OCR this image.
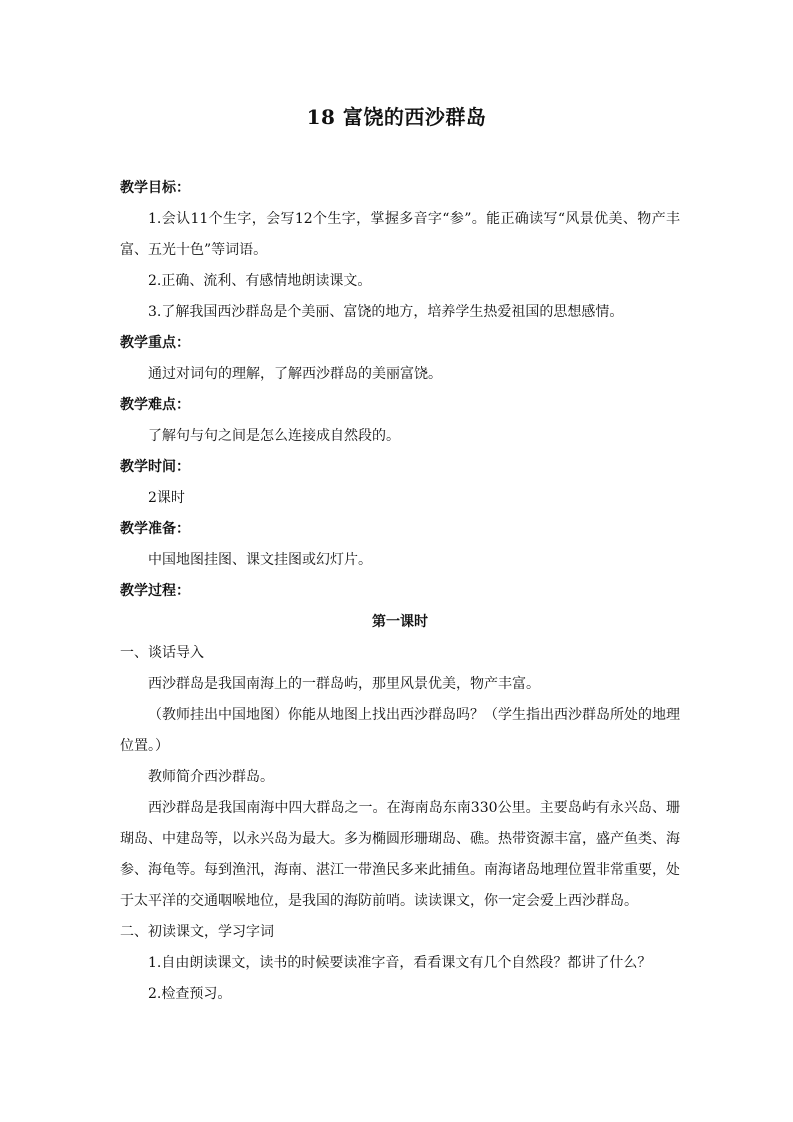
18 富饶的西沙群岛
教学目标：
1.会认11个生字，会写12个生字，掌握多音字“参”。能正确读写“风景优美、物产丰富、五光十色”等词语。
2.正确、流利、有感情地朗读课文。
3.了解我国西沙群岛是个美丽、富饶的地方，培养学生热爱祖国的思想感情。
教学重点：
通过对词句的理解，了解西沙群岛的美丽富饶。
教学难点：
了解句与句之间是怎么连接成自然段的。
教学时间：
2课时
教学准备：
中国地图挂图、课文挂图或幻灯片。
教学过程：
第一课时
一、谈话导入
西沙群岛是我国南海上的一群岛屿，那里风景优美，物产丰富。
（教师挂出中国地图）你能从地图上找出西沙群岛吗？（学生指出西沙群岛所处的地理位置。）
教师简介西沙群岛。
西沙群岛是我国南海中四大群岛之一。在海南岛东南330公里。主要岛屿有永兴岛、珊瑚岛、中建岛等，以永兴岛为最大。多为椭圆形珊瑚岛、礁。热带资源丰富，盛产鱼类、海参、海龟等。每到渔汛，海南、湛江一带渔民多来此捕鱼。南海诸岛地理位置非常重要，处于太平洋的交通咽喉地位，是我国的海防前哨。读读课文，你一定会爱上西沙群岛。
二、初读课文，学习字词
1.自由朗读课文，读书的时候要读准字音，看看课文有几个自然段？都讲了什么？
2.检查预习。
